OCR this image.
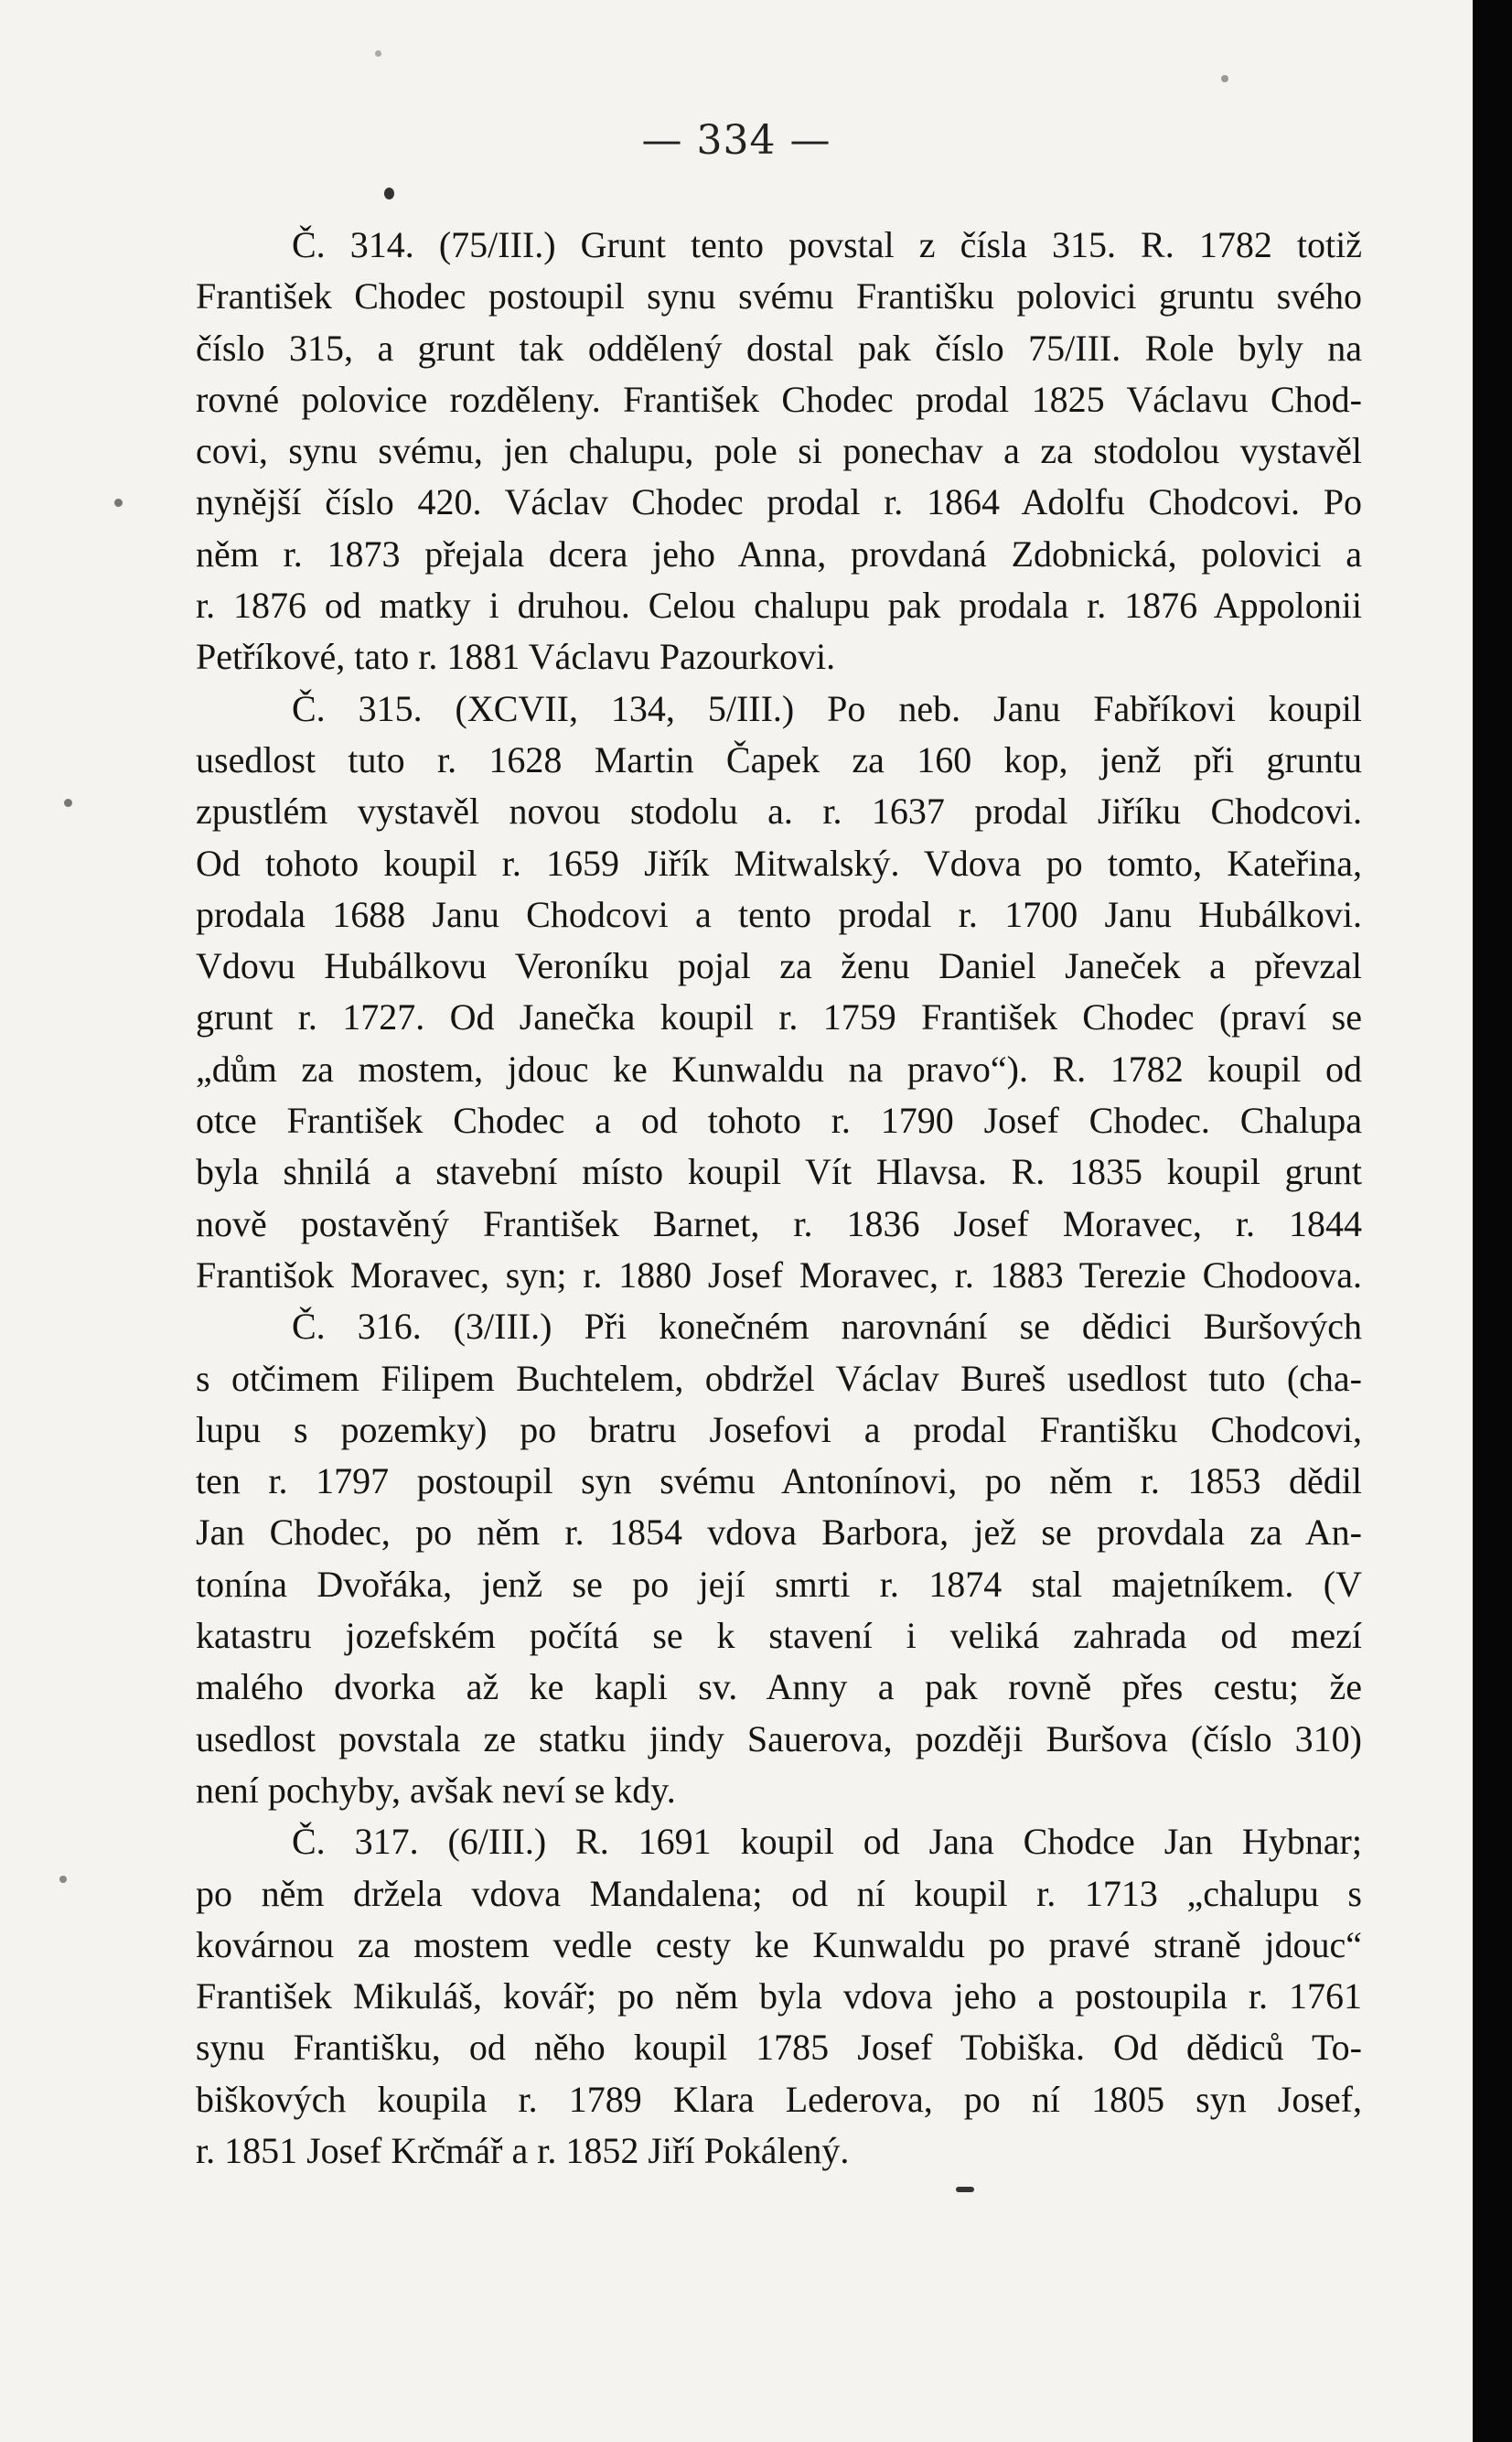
— 334 —
Č. 314. (75/III.) Grunt tento povstal z čísla 315. R. 1782 totiž
František Chodec postoupil synu svému Františku polovici gruntu svého
číslo 315, a grunt tak oddělený dostal pak číslo 75/III. Role byly na
rovné polovice rozděleny. František Chodec prodal 1825 Václavu Chod-
covi, synu svému, jen chalupu, pole si ponechav a za stodolou vystavěl
nynější číslo 420. Václav Chodec prodal r. 1864 Adolfu Chodcovi. Po
něm r. 1873 přejala dcera jeho Anna, provdaná Zdobnická, polovici a
r. 1876 od matky i druhou. Celou chalupu pak prodala r. 1876 Appolonii
Petříkové, tato r. 1881 Václavu Pazourkovi.
Č. 315. (XCVII, 134, 5/III.) Po neb. Janu Fabříkovi koupil
usedlost tuto r. 1628 Martin Čapek za 160 kop, jenž při gruntu
zpustlém vystavěl novou stodolu a. r. 1637 prodal Jiříku Chodcovi.
Od tohoto koupil r. 1659 Jiřík Mitwalský. Vdova po tomto, Kateřina,
prodala 1688 Janu Chodcovi a tento prodal r. 1700 Janu Hubálkovi.
Vdovu Hubálkovu Veroníku pojal za ženu Daniel Janeček a převzal
grunt r. 1727. Od Janečka koupil r. 1759 František Chodec (praví se
„dům za mostem, jdouc ke Kunwaldu na pravo“). R. 1782 koupil od
otce František Chodec a od tohoto r. 1790 Josef Chodec. Chalupa
byla shnilá a stavební místo koupil Vít Hlavsa. R. 1835 koupil grunt
nově postavěný František Barnet, r. 1836 Josef Moravec, r. 1844
Františok Moravec, syn; r. 1880 Josef Moravec, r. 1883 Terezie Chodoova.
Č. 316. (3/III.) Při konečném narovnání se dědici Buršových
s otčimem Filipem Buchtelem, obdržel Václav Bureš usedlost tuto (cha-
lupu s pozemky) po bratru Josefovi a prodal Františku Chodcovi,
ten r. 1797 postoupil syn svému Antonínovi, po něm r. 1853 dědil
Jan Chodec, po něm r. 1854 vdova Barbora, jež se provdala za An-
tonína Dvořáka, jenž se po její smrti r. 1874 stal majetníkem. (V
katastru jozefském počítá se k stavení i veliká zahrada od mezí
malého dvorka až ke kapli sv. Anny a pak rovně přes cestu; že
usedlost povstala ze statku jindy Sauerova, později Buršova (číslo 310)
není pochyby, avšak neví se kdy.
Č. 317. (6/III.) R. 1691 koupil od Jana Chodce Jan Hybnar;
po něm držela vdova Mandalena; od ní koupil r. 1713 „chalupu s
kovárnou za mostem vedle cesty ke Kunwaldu po pravé straně jdouc“
František Mikuláš, kovář; po něm byla vdova jeho a postoupila r. 1761
synu Františku, od něho koupil 1785 Josef Tobiška. Od dědiců To-
biškových koupila r. 1789 Klara Lederova, po ní 1805 syn Josef,
r. 1851 Josef Krčmář a r. 1852 Jiří Pokálený.
